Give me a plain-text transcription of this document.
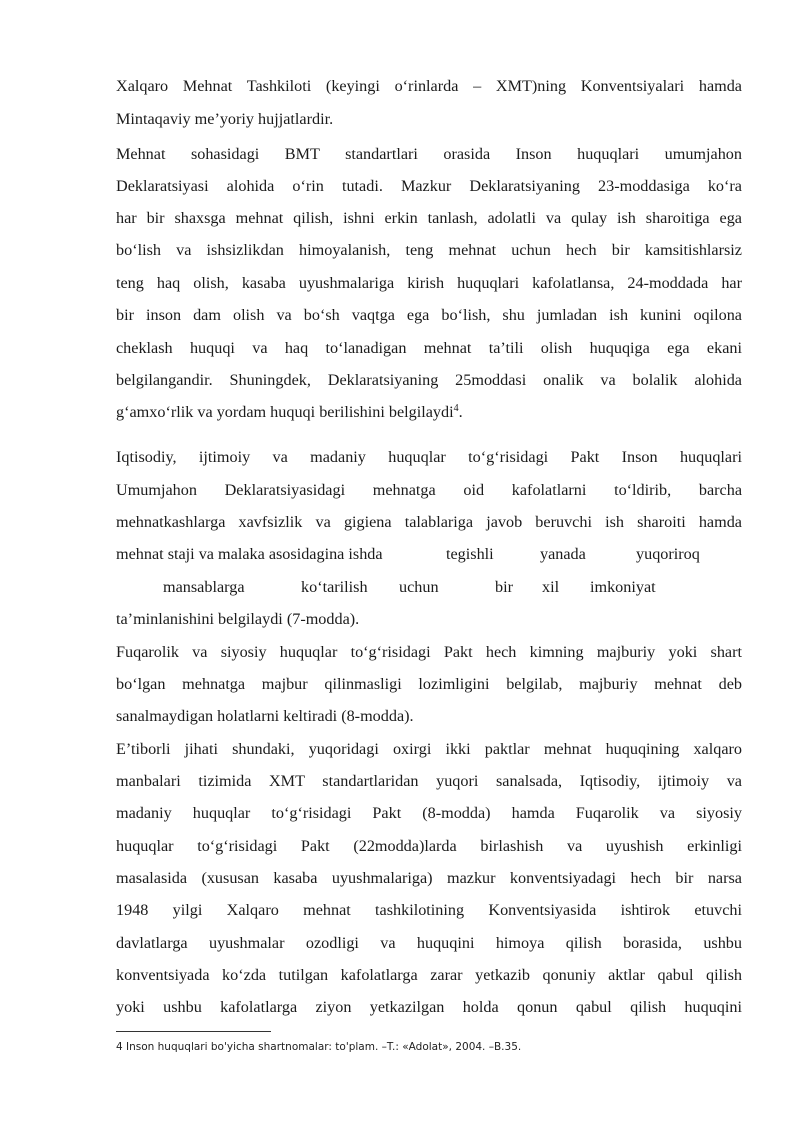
Xalqaro Mehnat Tashkiloti (keyingi o‘rinlarda – XMT)ning Konventsiyalari hamda
Mintaqaviy me’yoriy hujjatlardir.
Mehnat sohasidagi BMT standartlari orasida Inson huquqlari umumjahon
Deklaratsiyasi alohida o‘rin tutadi. Mazkur Deklaratsiyaning 23-moddasiga ko‘ra
har bir shaxsga mehnat qilish, ishni erkin tanlash, adolatli va qulay ish sharoitiga ega
bo‘lish va ishsizlikdan himoyalanish, teng mehnat uchun hech bir kamsitishlarsiz
teng haq olish, kasaba uyushmalariga kirish huquqlari kafolatlansa, 24-moddada har
bir inson dam olish va bo‘sh vaqtga ega bo‘lish, shu jumladan ish kunini oqilona
cheklash huquqi va haq to‘lanadigan mehnat ta’tili olish huquqiga ega ekani
belgilangandir. Shuningdek, Deklaratsiyaning 25moddasi onalik va bolalik alohida
g‘amxo‘rlik va yordam huquqi berilishini belgilaydi$^4$.
Iqtisodiy, ijtimoiy va madaniy huquqlar to‘g‘risidagi Pakt Inson huquqlari
Umumjahon Deklaratsiyasidagi mehnatga oid kafolatlarni to‘ldirib, barcha
mehnatkashlarga xavfsizlik va gigiena talablariga javob beruvchi ish sharoiti hamda
mehnat staji va malaka asosidagina ishda	tegishli	yanada	yuqoriroq
mansablarga	ko‘tarilish uchun	bir xil imkoniyat
ta’minlanishini belgilaydi (7-modda).
Fuqarolik va siyosiy huquqlar to‘g‘risidagi Pakt hech kimning majburiy yoki shart
bo‘lgan mehnatga majbur qilinmasligi lozimligini belgilab, majburiy mehnat deb
sanalmaydigan holatlarni keltiradi (8-modda).
E’tiborli jihati shundaki, yuqoridagi oxirgi ikki paktlar mehnat huquqining xalqaro
manbalari tizimida XMT standartlaridan yuqori sanalsada, Iqtisodiy, ijtimoiy va
madaniy huquqlar to‘g‘risidagi Pakt (8-modda) hamda Fuqarolik va siyosiy
huquqlar to‘g‘risidagi Pakt (22modda)larda birlashish va uyushish erkinligi
masalasida (xususan kasaba uyushmalariga) mazkur konventsiyadagi hech bir narsa
1948 yilgi Xalqaro mehnat tashkilotining Konventsiyasida ishtirok etuvchi
davlatlarga uyushmalar ozodligi va huquqini himoya qilish borasida, ushbu
konventsiyada ko‘zda tutilgan kafolatlarga zarar yetkazib qonuniy aktlar qabul qilish
yoki ushbu kafolatlarga ziyon yetkazilgan holda qonun qabul qilish huquqini
4 Inson huquqlari bo'yicha shartnomalar: to'plam. –T.: «Adolat», 2004. –B.35.
